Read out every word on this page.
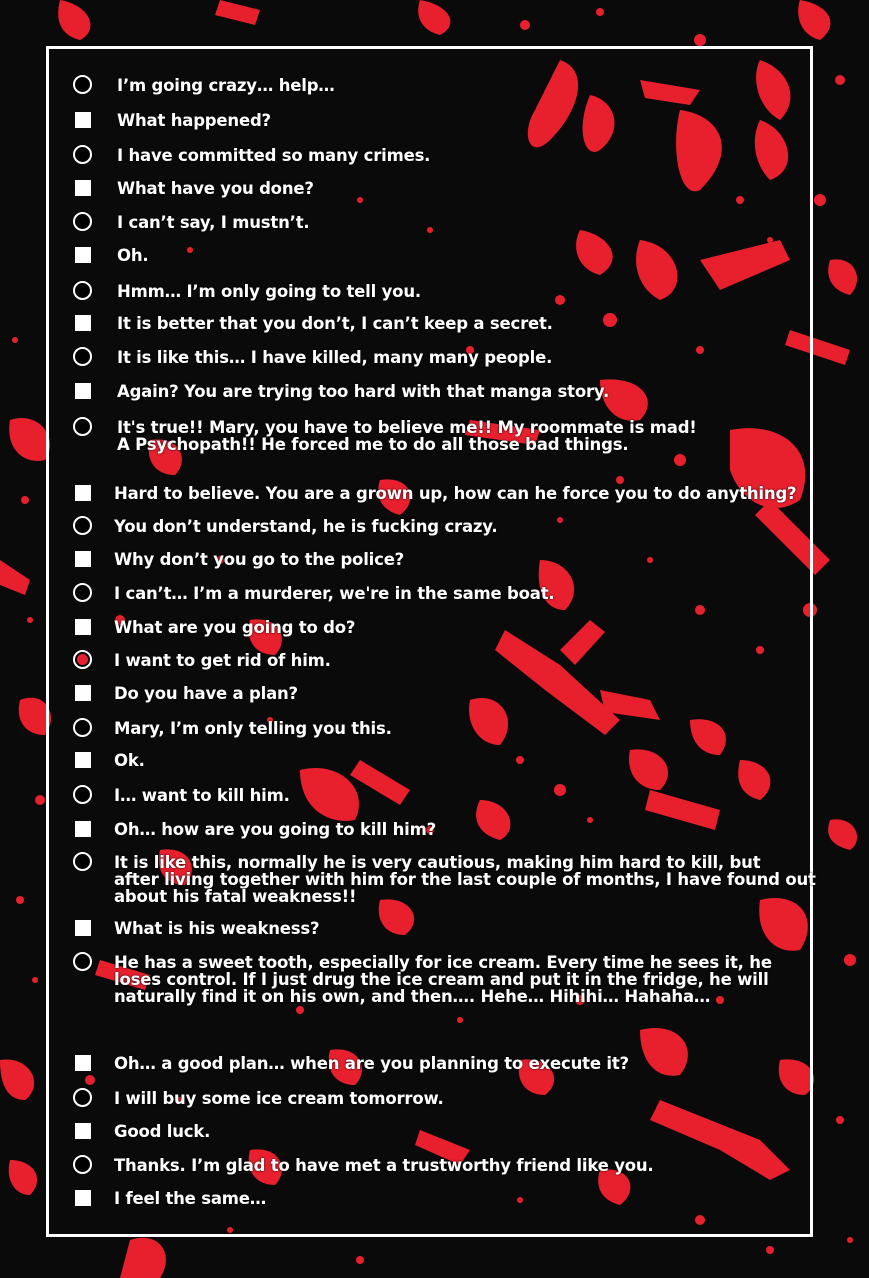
I’m going crazy… help…
What happened?
I have committed so many crimes.
What have you done?
I can’t say, I mustn’t.
Oh.
Hmm… I’m only going to tell you.
It is better that you don’t, I can’t keep a secret.
It is like this… I have killed, many many people.
Again? You are trying too hard with that manga story.
It's true!! Mary, you have to believe me!! My roommate is mad!
A Psychopath!! He forced me to do all those bad things.
Hard to believe. You are a grown up, how can he force you to do anything?
You don’t understand, he is fucking crazy.
Why don’t you go to the police?
I can’t… I’m a murderer, we're in the same boat.
What are you going to do?
I want to get rid of him.
Do you have a plan?
Mary, I’m only telling you this.
Ok.
I… want to kill him.
Oh… how are you going to kill him?
It is like this, normally he is very cautious, making him hard to kill, but
after living together with him for the last couple of months, I have found out
about his fatal weakness!!
What is his weakness?
He has a sweet tooth, especially for ice cream. Every time he sees it, he
loses control. If I just drug the ice cream and put it in the fridge, he will
naturally find it on his own, and then…. Hehe… Hihihi… Hahaha…
Oh… a good plan… when are you planning to execute it?
I will buy some ice cream tomorrow.
Good luck.
Thanks. I’m glad to have met a trustworthy friend like you.
I feel the same…
